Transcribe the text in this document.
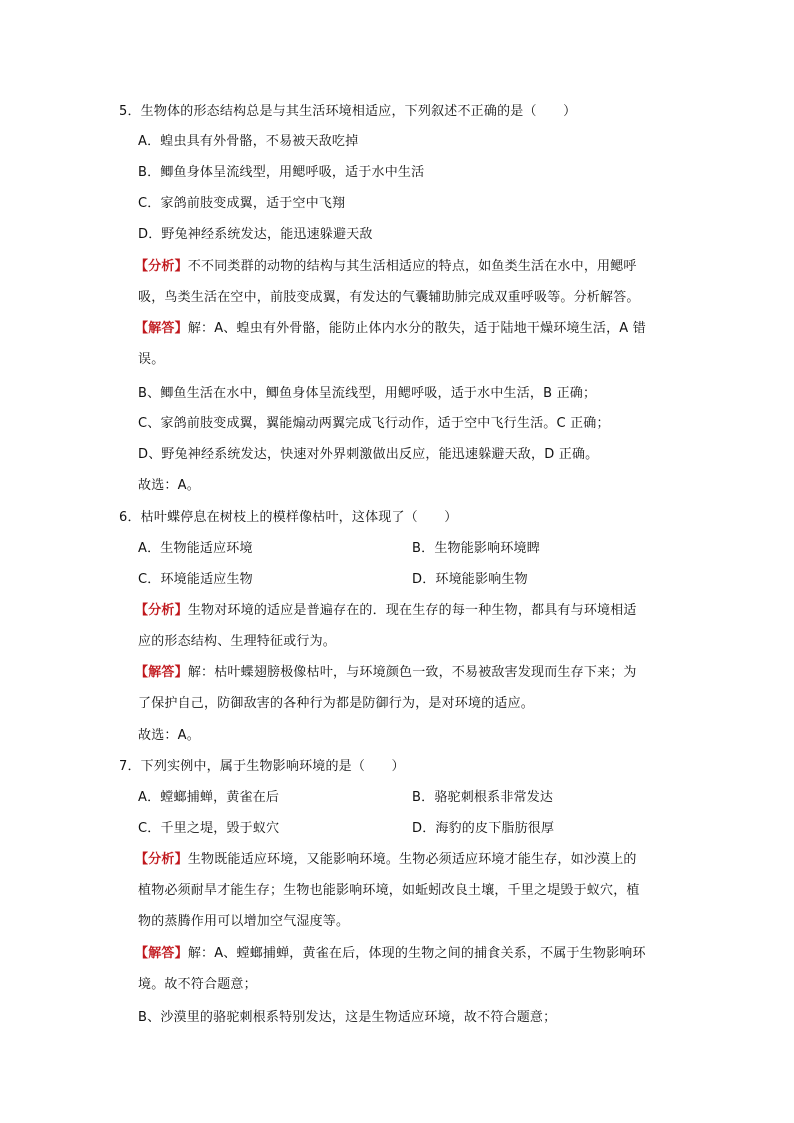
5．生物体的形态结构总是与其生活环境相适应，下列叙述不正确的是（　　）
A．蝗虫具有外骨骼，不易被天敌吃掉
B．鲫鱼身体呈流线型，用鳃呼吸，适于水中生活
C．家鸽前肢变成翼，适于空中飞翔
D．野兔神经系统发达，能迅速躲避天敌
【分析】不不同类群的动物的结构与其生活相适应的特点，如鱼类生活在水中，用鳃呼
吸，鸟类生活在空中，前肢变成翼，有发达的气囊辅助肺完成双重呼吸等。分析解答。
【解答】解：A、蝗虫有外骨骼，能防止体内水分的散失，适于陆地干燥环境生活，A 错
误。
B、鲫鱼生活在水中，鲫鱼身体呈流线型，用鳃呼吸，适于水中生活，B 正确；
C、家鸽前肢变成翼，翼能煽动两翼完成飞行动作，适于空中飞行生活。C 正确；
D、野兔神经系统发达，快速对外界刺激做出反应，能迅速躲避天敌，D 正确。
故选：A。
6．枯叶蝶停息在树枝上的模样像枯叶，这体现了（　　）
A．生物能适应环境	B．生物能影响环境睥
C．环境能适应生物	D．环境能影响生物
【分析】生物对环境的适应是普遍存在的．现在生存的每一种生物，都具有与环境相适
应的形态结构、生理特征或行为。
【解答】解：枯叶蝶翅膀极像枯叶，与环境颜色一致，不易被敌害发现而生存下来；为
了保护自己，防御敌害的各种行为都是防御行为，是对环境的适应。
故选：A。
7．下列实例中，属于生物影响环境的是（　　）
A．螳螂捕蝉，黄雀在后	B．骆驼刺根系非常发达
C．千里之堤，毁于蚁穴	D．海豹的皮下脂肪很厚
【分析】生物既能适应环境，又能影响环境。生物必须适应环境才能生存，如沙漠上的
植物必须耐旱才能生存；生物也能影响环境，如蚯蚓改良土壤，千里之堤毁于蚁穴，植
物的蒸腾作用可以增加空气湿度等。
【解答】解：A、螳螂捕蝉，黄雀在后，体现的生物之间的捕食关系，不属于生物影响环
境。故不符合题意；
B、沙漠里的骆驼刺根系特别发达，这是生物适应环境，故不符合题意；
